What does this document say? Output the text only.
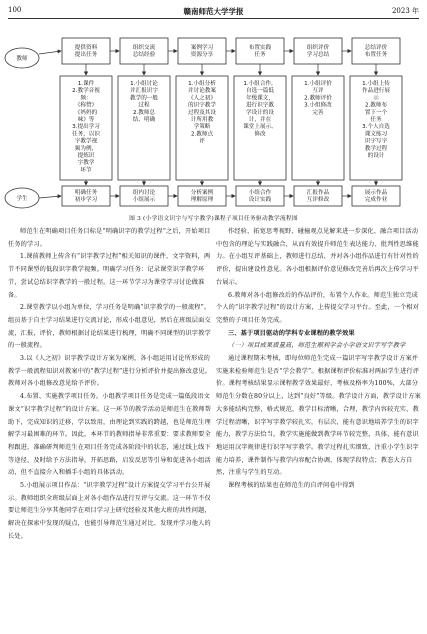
100	赣南师范大学学报	2023 年
教师
学生
提供资料提出任务
1.课件 2.教学音视频：《称赞》《妈妈的味》等 3.提出学习任务，以识字教学视频为例，提炼识字教学环节
明确任务初步学习
组织交流总结经验
1.小组讨论并汇报识字教学的一般过程 2.教师总结、明确
组内讨论小组展示
案例学习资源分享
1.小组分析并讨论教案《人之初》的识字教学过程及其设计所用教学策略 2.教师点评
分析案例理解原理
布置实践任务
1.小组合作，自选一篇低年级课文，进行识字教学设计的设计，并在课堂上展示、修改
小组合作设计实践
组织评价学习总结
1.小组评价互评 2.教师评价 3.小组修改完善
汇报作品互评修改
总结评价布置任务
1.小组上传作品进行展示 2.教师布置下一个任务 3.个人自选课文练习识字写字教学过程的设计
展示作品完成作业
图 3 (小学语文识字与写字教学)课程子项目任务驱动教学流程图

师范生在明确项目任务目标是“明确识字的教学过程”之后，开始项目任务的学习。

1.课前教师上传含有“识字教学过程”相关知识的课件、文字资料，两节不同课型的低段识字教学视频。明确学习任务：记录课堂识字教学环节，尝试总结识字教学的一般过程。这一环节学习为课堂学习讨论做准备。

2.课堂教学以小组为单位，学习任务是明确“识字教学的一般流程”。组员基于自主学习结果进行交流讨论，形成小组意见，然后在班级层面交流，汇报，评价，教师根据讨论结果进行梳理，明确不同课型的识字教学的一般流程。

3.以《人之初》识字教学设计方案为案例，各小组运用讨论所形成的教学一般流程知识对教案中的“教学过程”进行分析评价并提出修改意见。教师对各小组修改意见给予评价。

4.布置、实施教学项目任务。小组教学项目任务是完成一篇低段语文课文“识字教学过程”的设计方案。这一环节的教学活动是师范生在教师帮助下，完成知识的迁移，学以致用，由理论到实践的跨越，也是师范生理解学习最困难的环节。因此，本环节的教师指导非常重要：要求教师要全程跟进，准确研判师范生在项目任务完成各阶段中的状态，通过线上线下等途径，及时给予方法指导，开拓思路，启发反思等引导和促进各小组活动，但不直接介入和插手小组的具体活动。

5.小组展示项目作品：“识字教学过程”设计方案提交学习平台公开展示。教师组织全班级层面上对各小组作品进行互评与交流。这一环节不仅要让师范生分享其他同学在项目学习上研究经验及其他大班的共性问题，解决在探索中发现的疑点，也能引导师范生通过对比、发现并学习他人的长处。

作经验、拓宽思考视野、碰撞观点见解来进一步深化、融合项目活动中包含的理论与实践融合，从而有效提升师范生表达能力、批判性思维能力。在小组互评基础上，教师进行总结，并对各小组作品进行有针对性的评价，提出建设性意见。各小组根据评价意见修改完善后再次上传学习平台展示。

6.教师对各小组修改后的作品评价，布置个人作业。师范生独立完成个人的“识字教学过程”的设计方案，上传提交学习平台。至此，一个相对完整的子项目任务完成。

三、基于项目驱动的学科专业课程的教学效果

（一）项目成果质量高，师范生顺利学会小学语文识字写字教学

通过课程期末考核，即每位师范生完成一篇识字写字教学设计方案并实施来检验师范生是否“学会教学”。根据课程评价标准对两届学生进行评价。课程考核结果显示课程教学效果最好，考核及格率为100%，大部分师范生分数在80分以上，达到“良好”等级。教学设计方面，教学设计方案大多能结构完整，格式规范，教学目标清晰，合理，教学内容较充实，教学过程清晰，识字写字教学较扎实，有层次，能有意识地培养学生的识字能力，教学方法恰当，教学实施能做到教学环节较完整，具体，能有意识地运用汉字规律进行识字写字教学。教学过程扎实细致，注重小学生识字能力培养，课件制作与教学内容配合协调，体现学段特点；教态大方自然，注重与学生的互动。

课程考核的结果也在师范生的自评问卷中得到
